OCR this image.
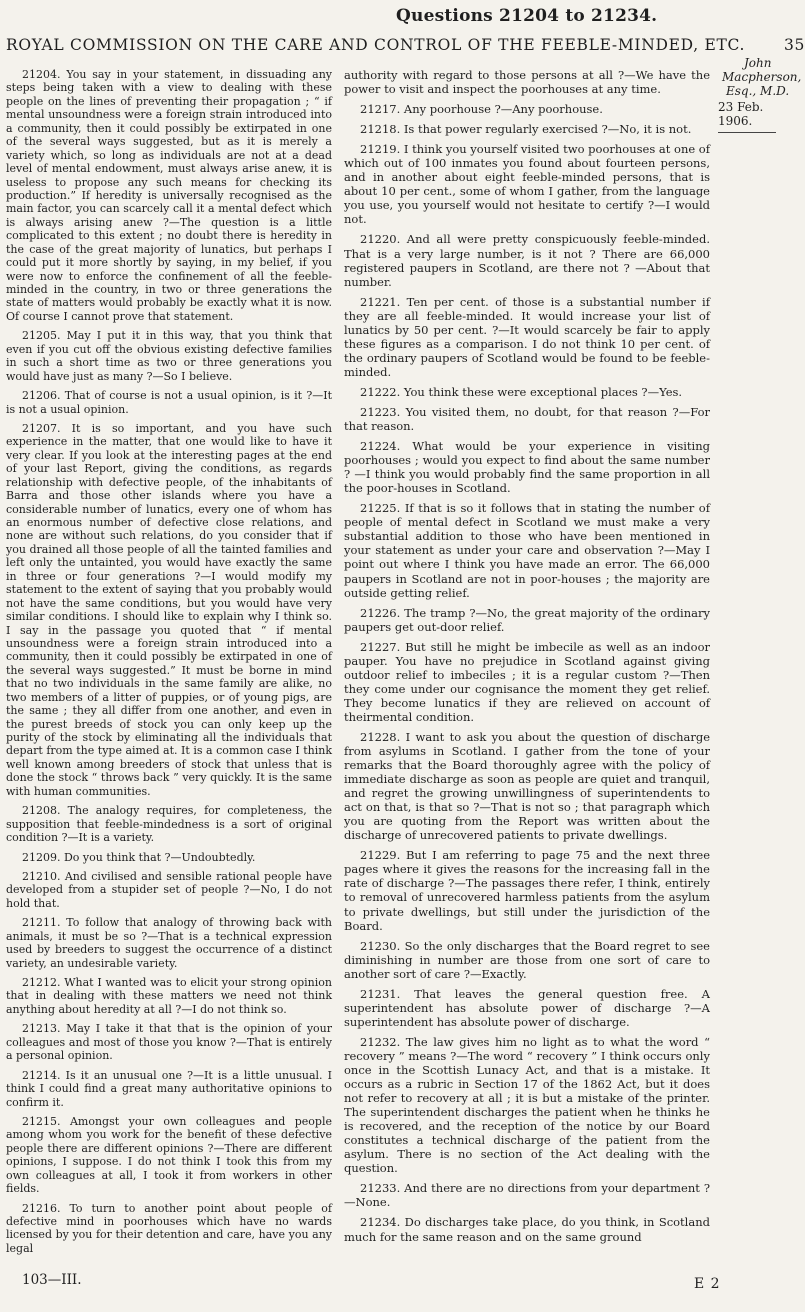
Questions 21204 to 21234.
ROYAL COMMISSION ON THE CARE AND CONTROL OF THE FEEBLE-MINDED, ETC.	35
John
Macpherson,
Esq., M.D.
23 Feb. 1906.

21204. You say in your statement, in dissuading any steps being taken with a view to dealing with these people on the lines of preventing their propagation ; “ if mental unsoundness were a foreign strain introduced into a community, then it could possibly be extirpated in one of the several ways suggested, but as it is merely a variety which, so long as individuals are not at a dead level of mental endowment, must always arise anew, it is useless to propose any such means for checking its production.” If heredity is universally recognised as the main factor, you can scarcely call it a mental defect which is always arising anew ?—The question is a little complicated to this extent ; no doubt there is heredity in the case of the great majority of lunatics, but perhaps I could put it more shortly by saying, in my belief, if you were now to enforce the confinement of all the feeble-minded in the country, in two or three generations the state of matters would probably be exactly what it is now. Of course I cannot prove that statement.

21205. May I put it in this way, that you think that even if you cut off the obvious existing defective families in such a short time as two or three generations you would have just as many ?—So I believe.

21206. That of course is not a usual opinion, is it ?—It is not a usual opinion.

21207. It is so important, and you have such experience in the matter, that one would like to have it very clear. If you look at the interesting pages at the end of your last Report, giving the conditions, as regards relationship with defective people, of the inhabitants of Barra and those other islands where you have a considerable number of lunatics, every one of whom has an enormous number of defective close relations, and none are without such relations, do you consider that if you drained all those people of all the tainted families and left only the untainted, you would have exactly the same in three or four generations ?—I would modify my statement to the extent of saying that you probably would not have the same conditions, but you would have very similar conditions. I should like to explain why I think so. I say in the passage you quoted that “ if mental unsoundness were a foreign strain introduced into a community, then it could possibly be extirpated in one of the several ways suggested.” It must be borne in mind that no two individuals in the same family are alike, no two members of a litter of puppies, or of young pigs, are the same ; they all differ from one another, and even in the purest breeds of stock you can only keep up the purity of the stock by eliminating all the individuals that depart from the type aimed at. It is a common case I think well known among breeders of stock that unless that is done the stock “ throws back ” very quickly. It is the same with human communities.

21208. The analogy requires, for completeness, the supposition that feeble-mindedness is a sort of original condition ?—It is a variety.

21209. Do you think that ?—Undoubtedly.

21210. And civilised and sensible rational people have developed from a stupider set of people ?—No, I do not hold that.

21211. To follow that analogy of throwing back with animals, it must be so ?—That is a technical expression used by breeders to suggest the occurrence of a distinct variety, an undesirable variety.

21212. What I wanted was to elicit your strong opinion that in dealing with these matters we need not think anything about heredity at all ?—I do not think so.

21213. May I take it that that is the opinion of your colleagues and most of those you know ?—That is entirely a personal opinion.

21214. Is it an unusual one ?—It is a little unusual. I think I could find a great many authoritative opinions to confirm it.

21215. Amongst your own colleagues and people among whom you work for the benefit of these defective people there are different opinions ?—There are different opinions, I suppose. I do not think I took this from my own colleagues at all, I took it from workers in other fields.

21216. To turn to another point about people of defective mind in poorhouses which have no wards licensed by you for their detention and care, have you any legal

authority with regard to those persons at all ?—We have the power to visit and inspect the poorhouses at any time.

21217. Any poorhouse ?—Any poorhouse.

21218. Is that power regularly exercised ?—No, it is not.

21219. I think you yourself visited two poorhouses at one of which out of 100 inmates you found about fourteen persons, and in another about eight feeble-minded persons, that is about 10 per cent., some of whom I gather, from the language you use, you yourself would not hesitate to certify ?—I would not.

21220. And all were pretty conspicuously feeble-minded. That is a very large number, is it not ? There are 66,000 registered paupers in Scotland, are there not ? —About that number.

21221. Ten per cent. of those is a substantial number if they are all feeble-minded. It would increase your list of lunatics by 50 per cent. ?—It would scarcely be fair to apply these figures as a comparison. I do not think 10 per cent. of the ordinary paupers of Scotland would be found to be feeble-minded.

21222. You think these were exceptional places ?—Yes.

21223. You visited them, no doubt, for that reason ?—For that reason.

21224. What would be your experience in visiting poorhouses ; would you expect to find about the same number ? —I think you would probably find the same proportion in all the poor-houses in Scotland.

21225. If that is so it follows that in stating the number of people of mental defect in Scotland we must make a very substantial addition to those who have been mentioned in your statement as under your care and observation ?—May I point out where I think you have made an error. The 66,000 paupers in Scotland are not in poor-houses ; the majority are outside getting relief.

21226. The tramp ?—No, the great majority of the ordinary paupers get out-door relief.

21227. But still he might be imbecile as well as an indoor pauper. You have no prejudice in Scotland against giving outdoor relief to imbeciles ; it is a regular custom ?—Then they come under our cognisance the moment they get relief. They become lunatics if they are relieved on account of theirmental condition.

21228. I want to ask you about the question of discharge from asylums in Scotland. I gather from the tone of your remarks that the Board thoroughly agree with the policy of immediate discharge as soon as people are quiet and tranquil, and regret the growing unwillingness of superintendents to act on that, is that so ?—That is not so ; that paragraph which you are quoting from the Report was written about the discharge of unrecovered patients to private dwellings.

21229. But I am referring to page 75 and the next three pages where it gives the reasons for the increasing fall in the rate of discharge ?—The passages there refer, I think, entirely to removal of unrecovered harmless patients from the asylum to private dwellings, but still under the jurisdiction of the Board.

21230. So the only discharges that the Board regret to see diminishing in number are those from one sort of care to another sort of care ?—Exactly.

21231. That leaves the general question free. A superintendent has absolute power of discharge ?—A superintendent has absolute power of discharge.

21232. The law gives him no light as to what the word “ recovery ” means ?—The word “ recovery ” I think occurs only once in the Scottish Lunacy Act, and that is a mistake. It occurs as a rubric in Section 17 of the 1862 Act, but it does not refer to recovery at all ; it is but a mistake of the printer. The superintendent discharges the patient when he thinks he is recovered, and the reception of the notice by our Board constitutes a technical discharge of the patient from the asylum. There is no section of the Act dealing with the question.

21233. And there are no directions from your department ?—None.

21234. Do discharges take place, do you think, in Scotland much for the same reason and on the same ground

103—III.	E 2
